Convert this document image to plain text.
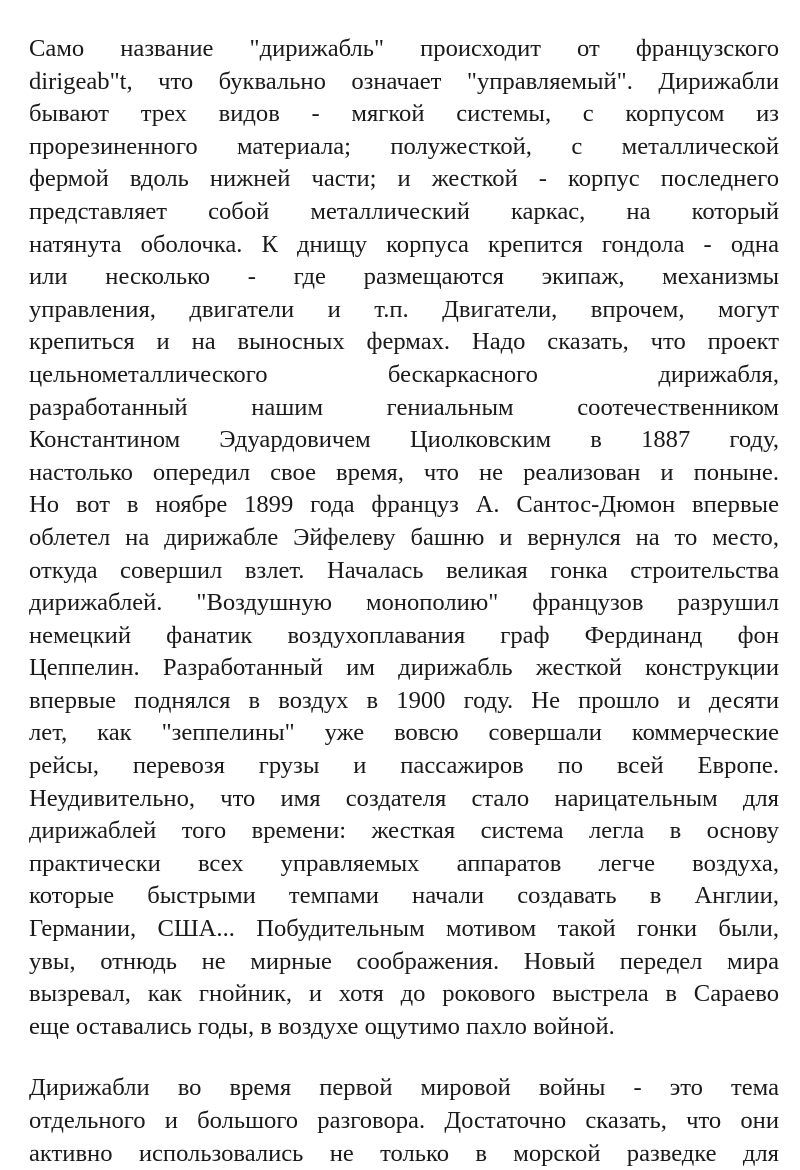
Само название "дирижабль" происходит от французского
dirigeab"t, что буквально означает "управляемый". Дирижабли
бывают трех видов - мягкой системы, с корпусом из
прорезиненного материала; полужесткой, с металлической
фермой вдоль нижней части; и жесткой - корпус последнего
представляет собой металлический каркас, на который
натянута оболочка. К днищу корпуса крепится гондола - одна
или несколько - где размещаются экипаж, механизмы
управления, двигатели и т.п. Двигатели, впрочем, могут
крепиться и на выносных фермах. Надо сказать, что проект
цельнометаллического бескаркасного дирижабля,
разработанный нашим гениальным соотечественником
Константином Эдуардовичем Циолковским в 1887 году,
настолько опередил свое время, что не реализован и поныне.
Но вот в ноябре 1899 года француз А. Сантос-Дюмон впервые
облетел на дирижабле Эйфелеву башню и вернулся на то место,
откуда совершил взлет. Началась великая гонка строительства
дирижаблей. "Воздушную монополию" французов разрушил
немецкий фанатик воздухоплавания граф Фердинанд фон
Цеппелин. Разработанный им дирижабль жесткой конструкции
впервые поднялся в воздух в 1900 году. Не прошло и десяти
лет, как "зеппелины" уже вовсю совершали коммерческие
рейсы, перевозя грузы и пассажиров по всей Европе.
Неудивительно, что имя создателя стало нарицательным для
дирижаблей того времени: жесткая система легла в основу
практически всех управляемых аппаратов легче воздуха,
которые быстрыми темпами начали создавать в Англии,
Германии, США... Побудительным мотивом такой гонки были,
увы, отнюдь не мирные соображения. Новый передел мира
вызревал, как гнойник, и хотя до рокового выстрела в Сараево
еще оставались годы, в воздухе ощутимо пахло войной.
Дирижабли во время первой мировой войны - это тема
отдельного и большого разговора. Достаточно сказать, что они
активно использовались не только в морской разведке для
